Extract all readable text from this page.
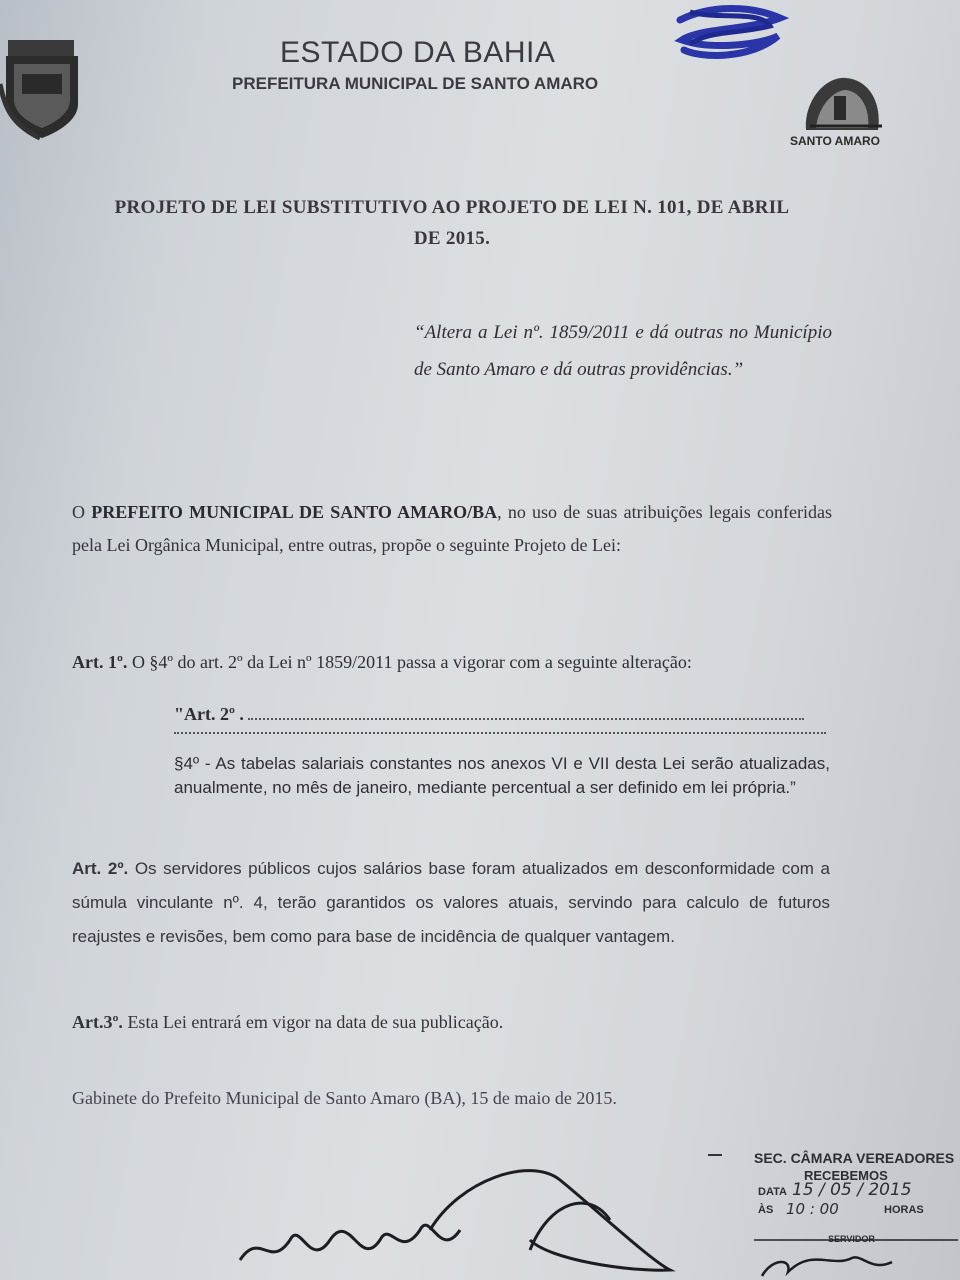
ESTADO DA BAHIA
PREFEITURA MUNICIPAL DE SANTO AMARO
SANTO AMARO
PROJETO DE LEI SUBSTITUTIVO AO PROJETO DE LEI N. 101, DE ABRIL
DE 2015.
“Altera a Lei nº. 1859/2011 e dá outras no Município de Santo Amaro e dá outras providências.”
O PREFEITO MUNICIPAL DE SANTO AMARO/BA, no uso de suas atribuições legais conferidas pela Lei Orgânica Municipal, entre outras, propõe o seguinte Projeto de Lei:
Art. 1º. O §4º do art. 2º da Lei nº 1859/2011 passa a vigorar com a seguinte alteração:
"Art. 2º .
§4º - As tabelas salariais constantes nos anexos VI e VII desta Lei serão atualizadas, anualmente, no mês de janeiro, mediante percentual a ser definido em lei própria.”
Art. 2º. Os servidores públicos cujos salários base foram atualizados em desconformidade com a súmula vinculante nº. 4, terão garantidos os valores atuais, servindo para calculo de futuros reajustes e revisões, bem como para base de incidência de qualquer vantagem.
Art.3º. Esta Lei entrará em vigor na data de sua publicação.
Gabinete do Prefeito Municipal de Santo Amaro (BA), 15 de maio de 2015.
SEC. CÂMARA VEREADORES
RECEBEMOS
DATA 15 / 05 / 2015
ÀS 10 : 00	HORAS
SERVIDOR
